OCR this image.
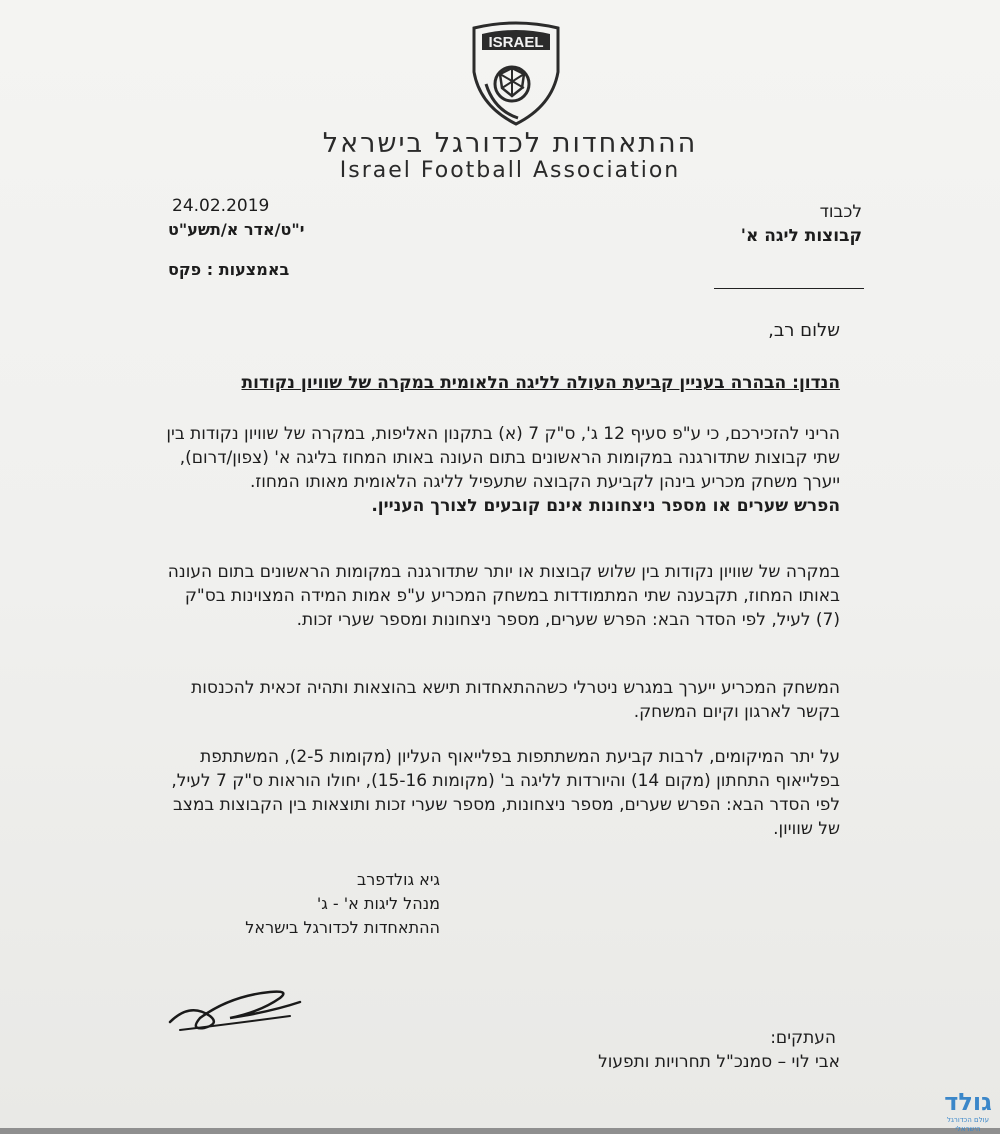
ISRAEL
ההתאחדות לכדורגל בישראל
Israel Football Association
24.02.2019
י"ט/אדר א/תשע"ט
באמצעות : פקס
לכבוד
קבוצות ליגה א'
שלום רב,
הנדון: הבהרה בעניין קביעת העולה לליגה הלאומית במקרה של שוויון נקודות
הריני להזכירכם, כי ע"פ סעיף 12 ג', ס"ק 7 (א) בתקנון האליפות, במקרה של שוויון נקודות בין שתי קבוצות שתדורגנה במקומות הראשונים בתום העונה באותו המחוז בליגה א' (צפון/דרום), ייערך משחק מכריע בינהן לקביעת הקבוצה שתעפיל לליגה הלאומית מאותו המחוז.
הפרש שערים או מספר ניצחונות אינם קובעים לצורך העניין.
במקרה של שוויון נקודות בין שלוש קבוצות או יותר שתדורגנה במקומות הראשונים בתום העונה באותו המחוז, תקבענה שתי המתמודדות במשחק המכריע ע"פ אמות המידה המצוינות בס"ק (7) לעיל, לפי הסדר הבא: הפרש שערים, מספר ניצחונות ומספר שערי זכות.
המשחק המכריע ייערך במגרש ניטרלי כשההתאחדות תישא בהוצאות ותהיה זכאית להכנסות בקשר לארגון וקיום המשחק.
על יתר המיקומים, לרבות קביעת המשתתפות בפלייאוף העליון (מקומות 2-5), המשתתפת בפלייאוף התחתון (מקום 14) והיורדות לליגה ב' (מקומות 15-16), יחולו הוראות ס"ק 7 לעיל, לפי הסדר הבא: הפרש שערים, מספר ניצחונות, מספר שערי זכות ותוצאות בין הקבוצות במצב של שוויון.
גיא גולדפרב
מנהל ליגות א' - ג'
ההתאחדות לכדורגל בישראל
העתקים:
אבי לוי – סמנכ"ל תחרויות ותפעול
גולד
עולם הכדורגל הישראלי
